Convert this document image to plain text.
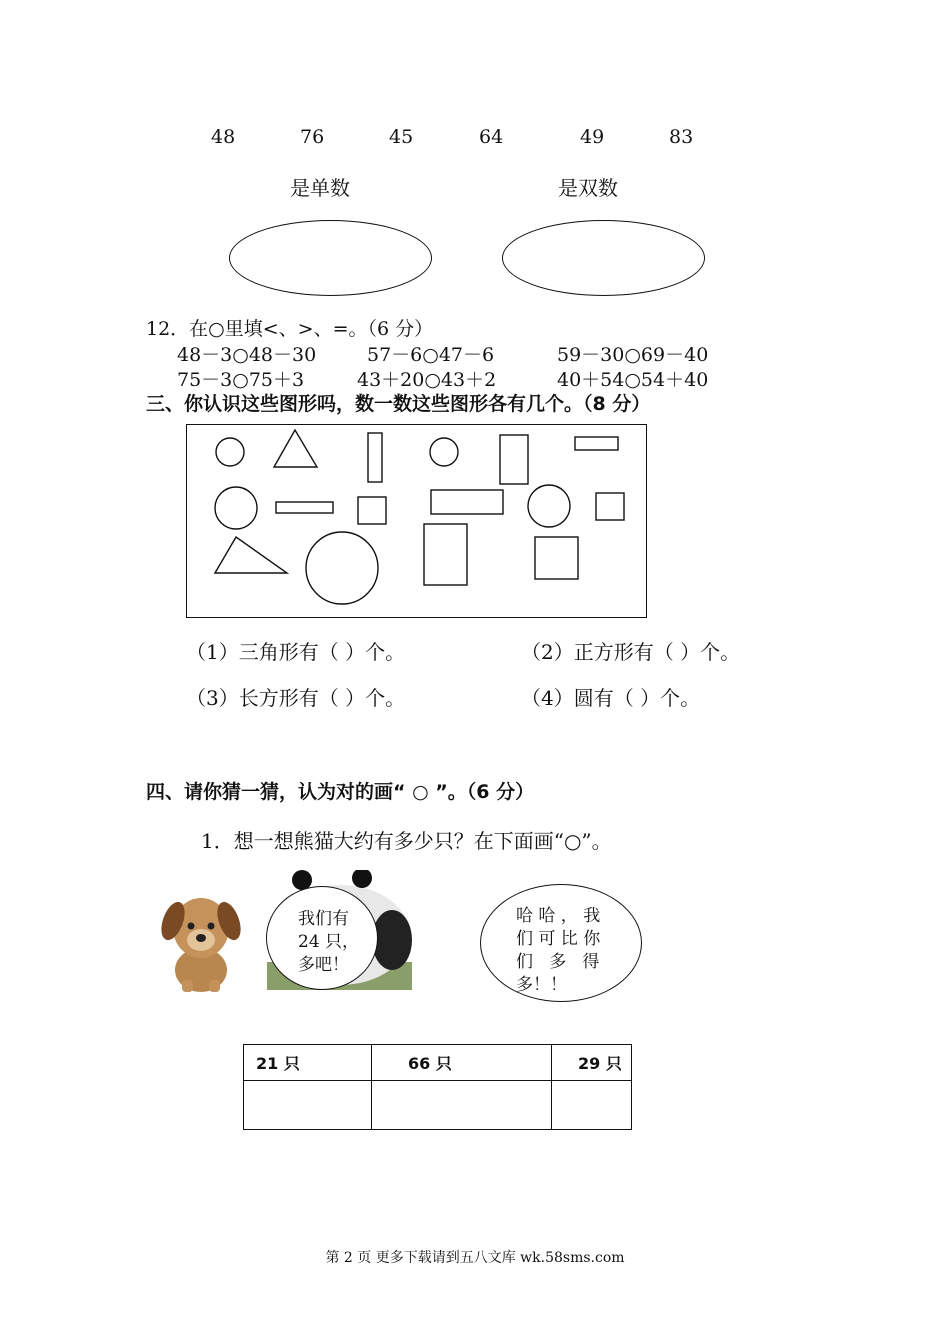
48	76	45	64	49	83
是单数	是双数
12．在○里填<、>、=。（6 分）
48－3○48－30	57－6○47－6	59－30○69－40
75－3○75＋3	43＋20○43＋2	40＋54○54＋40
三、你认识这些图形吗，数一数这些图形各有几个。（8 分）
（1）三角形有（ ）个。	（2）正方形有（ ）个。
（3）长方形有（ ）个。	（4）圆有（ ）个。
四、请你猜一猜，认为对的画“ ○ ”。（6 分）
1．想一想熊猫大约有多少只？在下面画“○”。
我们有
24 只，
多吧！
哈 哈 ， 我
们 可 比 你
们   多   得
多！！
21 只	66 只	29 只

第 2 页 更多下载请到五八文库 wk.58sms.com
